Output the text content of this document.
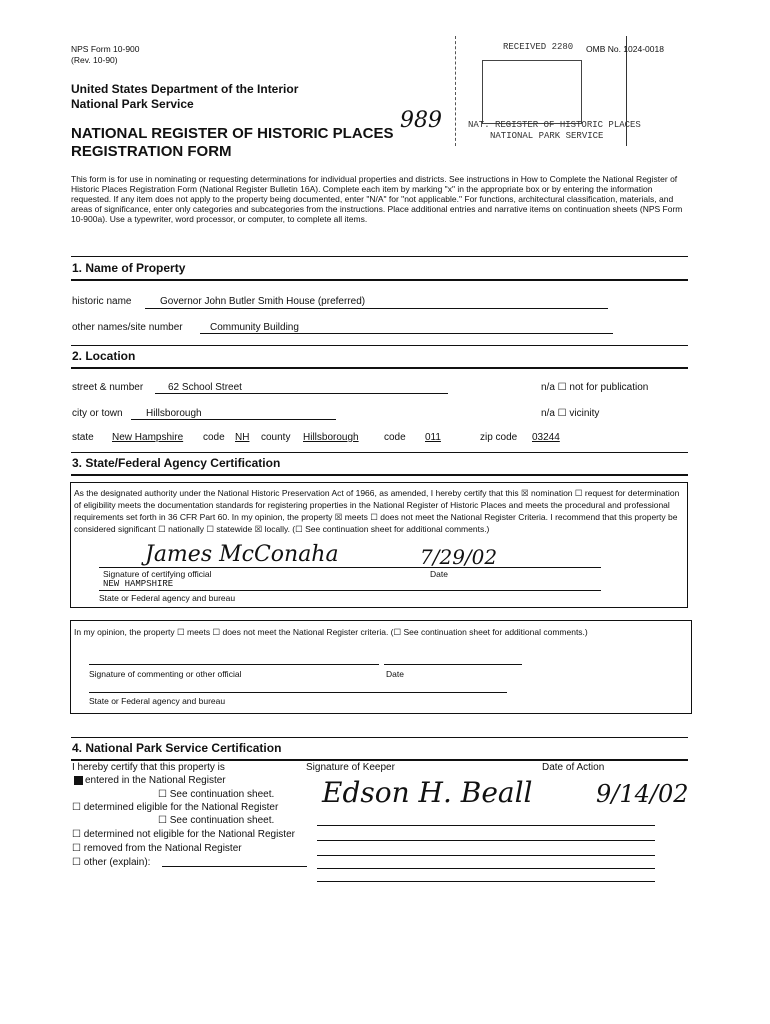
NPS Form 10-900
(Rev. 10-90)
RECEIVED 2280 OMB No. 1024-0018
NAT. REGISTER OF HISTORIC PLACES
NATIONAL PARK SERVICE
989
United States Department of the Interior
National Park Service
NATIONAL REGISTER OF HISTORIC PLACES
REGISTRATION FORM
This form is for use in nominating or requesting determinations for individual properties and districts. See instructions in How to Complete the National Register of Historic Places Registration Form (National Register Bulletin 16A). Complete each item by marking "x" in the appropriate box or by entering the information requested. If any item does not apply to the property being documented, enter "N/A" for "not applicable." For functions, architectural classification, materials, and areas of significance, enter only categories and subcategories from the instructions. Place additional entries and narrative items on continuation sheets (NPS Form 10-900a). Use a typewriter, word processor, or computer, to complete all items.
1. Name of Property
historic name	Governor John Butler Smith House (preferred)
other names/site number	Community Building
2. Location
street & number 62 School Street	n/a ☐ not for publication
city or town Hillsborough	n/a ☐ vicinity
state New Hampshire code NH county Hillsborough	code 011	zip code 03244
3. State/Federal Agency Certification
As the designated authority under the National Historic Preservation Act of 1966, as amended, I hereby certify that this ☒ nomination ☐ request for determination of eligibility meets the documentation standards for registering properties in the National Register of Historic Places and meets the procedural and professional requirements set forth in 36 CFR Part 60. In my opinion, the property ☒ meets ☐ does not meet the National Register Criteria. I recommend that this property be considered significant ☐ nationally ☐ statewide ☒ locally. (☐ See continuation sheet for additional comments.)
James McConaha	7/29/02
Signature of certifying official	Date
NEW HAMPSHIRE
State or Federal agency and bureau
In my opinion, the property ☐ meets ☐ does not meet the National Register criteria. (☐ See continuation sheet for additional comments.)
Signature of commenting or other official	Date
State or Federal agency and bureau
4. National Park Service Certification
I hereby certify that this property is
entered in the National Register
☐ See continuation sheet.
☐ determined eligible for the National Register
☐ See continuation sheet.
☐ determined not eligible for the National Register
☐ removed from the National Register
☐ other (explain):
Signature of Keeper	Date of Action
Edson H. Beall	9/14/02
